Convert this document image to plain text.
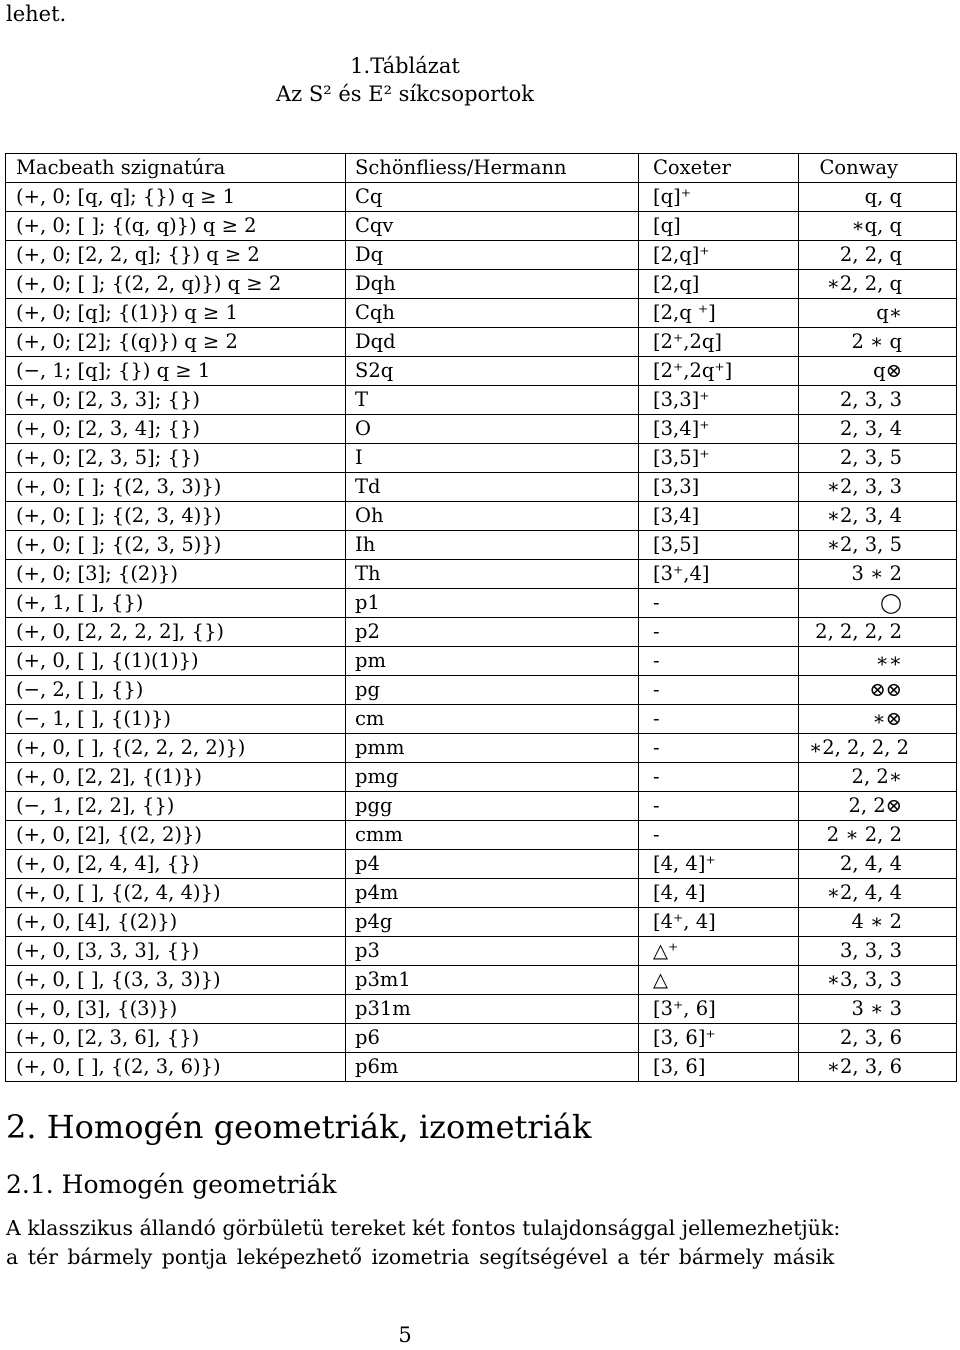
lehet.
1.Táblázat
Az S² és E² síkcsoportok
Macbeath szignatúra	Schönfliess/Hermann	Coxeter	Conway
(+, 0; [q, q]; {}) q ≥ 1	Cq	[q]⁺	q, q
(+, 0; [ ]; {(q, q)}) q ≥ 2	Cqv	[q]	∗q, q
(+, 0; [2, 2, q]; {}) q ≥ 2	Dq	[2,q]⁺	2, 2, q
(+, 0; [ ]; {(2, 2, q)}) q ≥ 2	Dqh	[2,q]	∗2, 2, q
(+, 0; [q]; {(1)}) q ≥ 1	Cqh	[2,q ⁺]	q∗
(+, 0; [2]; {(q)}) q ≥ 2	Dqd	[2⁺,2q]	2 ∗ q
(−, 1; [q]; {}) q ≥ 1	S2q	[2⁺,2q⁺]	q⊗
(+, 0; [2, 3, 3]; {})	T	[3,3]⁺	2, 3, 3
(+, 0; [2, 3, 4]; {})	O	[3,4]⁺	2, 3, 4
(+, 0; [2, 3, 5]; {})	I	[3,5]⁺	2, 3, 5
(+, 0; [ ]; {(2, 3, 3)})	Td	[3,3]	∗2, 3, 3
(+, 0; [ ]; {(2, 3, 4)})	Oh	[3,4]	∗2, 3, 4
(+, 0; [ ]; {(2, 3, 5)})	Ih	[3,5]	∗2, 3, 5
(+, 0; [3]; {(2)})	Th	[3⁺,4]	3 ∗ 2
(+, 1, [ ], {})	p1	-	◯
(+, 0, [2, 2, 2, 2], {})	p2	-	2, 2, 2, 2
(+, 0, [ ], {(1)(1)})	pm	-	∗∗
(−, 2, [ ], {})	pg	-	⊗⊗
(−, 1, [ ], {(1)})	cm	-	∗⊗
(+, 0, [ ], {(2, 2, 2, 2)})	pmm	-	∗2, 2, 2, 2
(+, 0, [2, 2], {(1)})	pmg	-	2, 2∗
(−, 1, [2, 2], {})	pgg	-	2, 2⊗
(+, 0, [2], {(2, 2)})	cmm	-	2 ∗ 2, 2
(+, 0, [2, 4, 4], {})	p4	[4, 4]⁺	2, 4, 4
(+, 0, [ ], {(2, 4, 4)})	p4m	[4, 4]	∗2, 4, 4
(+, 0, [4], {(2)})	p4g	[4⁺, 4]	4 ∗ 2
(+, 0, [3, 3, 3], {})	p3	△⁺	3, 3, 3
(+, 0, [ ], {(3, 3, 3)})	p3m1	△	∗3, 3, 3
(+, 0, [3], {(3)})	p31m	[3⁺, 6]	3 ∗ 3
(+, 0, [2, 3, 6], {})	p6	[3, 6]⁺	2, 3, 6
(+, 0, [ ], {(2, 3, 6)})	p6m	[3, 6]	∗2, 3, 6
2. Homogén geometriák, izometriák
2.1. Homogén geometriák
A klasszikus állandó görbületü tereket két fontos tulajdonsággal jellemezhetjük:
a tér bármely pontja leképezhető izometria segítségével a tér bármely másik
5
